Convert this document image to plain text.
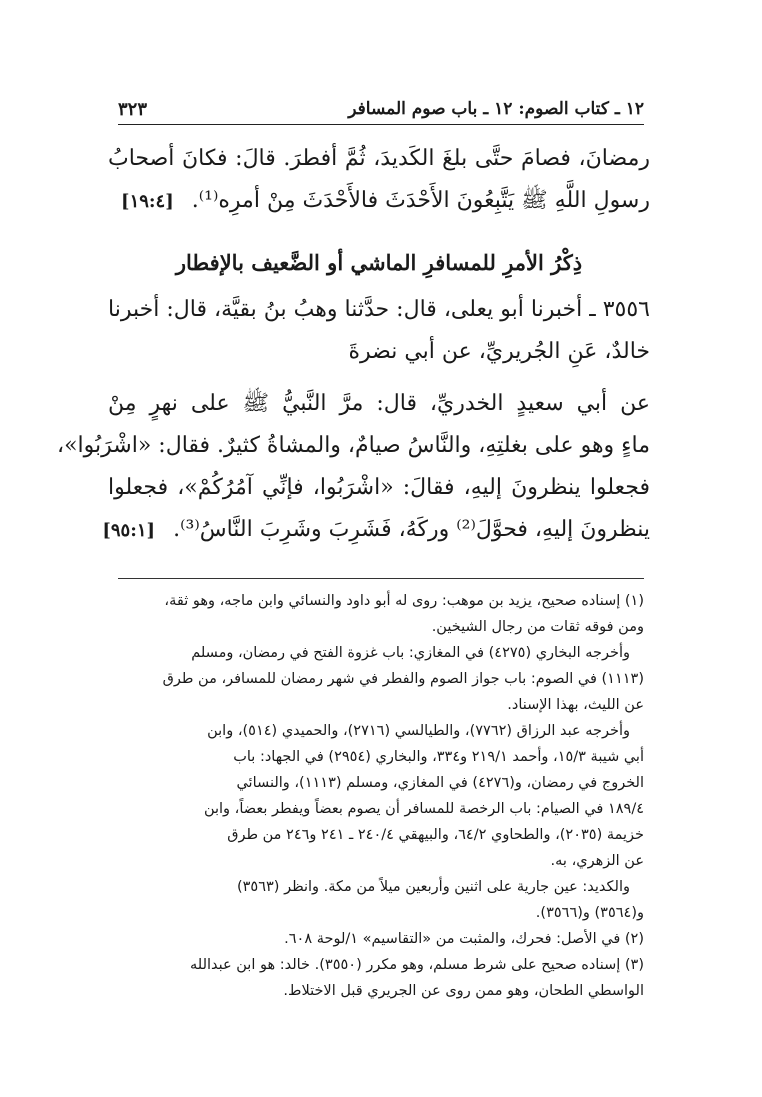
١٢ ـ كتاب الصوم: ١٢ ـ باب صوم المسافر
٣٢٣
رمضانَ، فصامَ حتَّى بلغَ الكَديدَ، ثُمَّ أفطرَ. قالَ: فكانَ أصحابُ
رسولِ اللَّهِ ﷺ يَتَّبِعُونَ الأَحْدَثَ فالأَحْدَثَ مِنْ أمرِه⁽¹⁾.[١٩:٤]
ذِكْرُ الأمرِ للمسافرِ الماشي أو الضَّعيف بالإفطار
٣٥٥٦ ـ أخبرنا أبو يعلى، قال: حدَّثنا وهبُ بنُ بقيَّة، قال: أخبرنا
خالدٌ، عَنِ الجُريريِّ، عن أبي نضرةَ
عن أبي سعيدٍ الخدريِّ، قال: مرَّ النَّبيُّ ﷺ على نهرٍ مِنْ
ماءٍ وهو على بغلتِهِ، والنَّاسُ صيامٌ، والمشاةُ كثيرٌ. فقال: «اشْرَبُوا»،
فجعلوا ينظرونَ إليهِ، فقالَ: «اشْرَبُوا، فإنِّي آمُرُكُمْ»، فجعلوا
ينظرونَ إليهِ، فحوَّلَ⁽²⁾ وركَهُ، فَشَرِبَ وشَرِبَ النَّاسُ⁽³⁾.[٩٥:١]

(١) إسناده صحيح، يزيد بن موهب: روى له أبو داود والنسائي وابن ماجه، وهو ثقة،
ومن فوقه ثقات من رجال الشيخين.

وأخرجه البخاري (٤٢٧٥) في المغازي: باب غزوة الفتح في رمضان، ومسلم
(١١١٣) في الصوم: باب جواز الصوم والفطر في شهر رمضان للمسافر، من طرق
عن الليث، بهذا الإسناد.

وأخرجه عبد الرزاق (٧٧٦٢)، والطيالسي (٢٧١٦)، والحميدي (٥١٤)، وابن
أبي شيبة ١٥/٣، وأحمد ٢١٩/١ و٣٣٤، والبخاري (٢٩٥٤) في الجهاد: باب
الخروج في رمضان، و(٤٢٧٦) في المغازي، ومسلم (١١١٣)، والنسائي
١٨٩/٤ في الصيام: باب الرخصة للمسافر أن يصوم بعضاً ويفطر بعضاً، وابن
خزيمة (٢٠٣٥)، والطحاوي ٦٤/٢، والبيهقي ٢٤٠/٤ ـ ٢٤١ و٢٤٦ من طرق
عن الزهري، به.

والكديد: عين جارية على اثنين وأربعين ميلاً من مكة. وانظر (٣٥٦٣)
و(٣٥٦٤) و(٣٥٦٦).

(٢) في الأصل: فحرك، والمثبت من «التقاسيم» ١/لوحة ٦٠٨.

(٣) إسناده صحيح على شرط مسلم، وهو مكرر (٣٥٥٠). خالد: هو ابن عبدالله
الواسطي الطحان، وهو ممن روى عن الجريري قبل الاختلاط.
